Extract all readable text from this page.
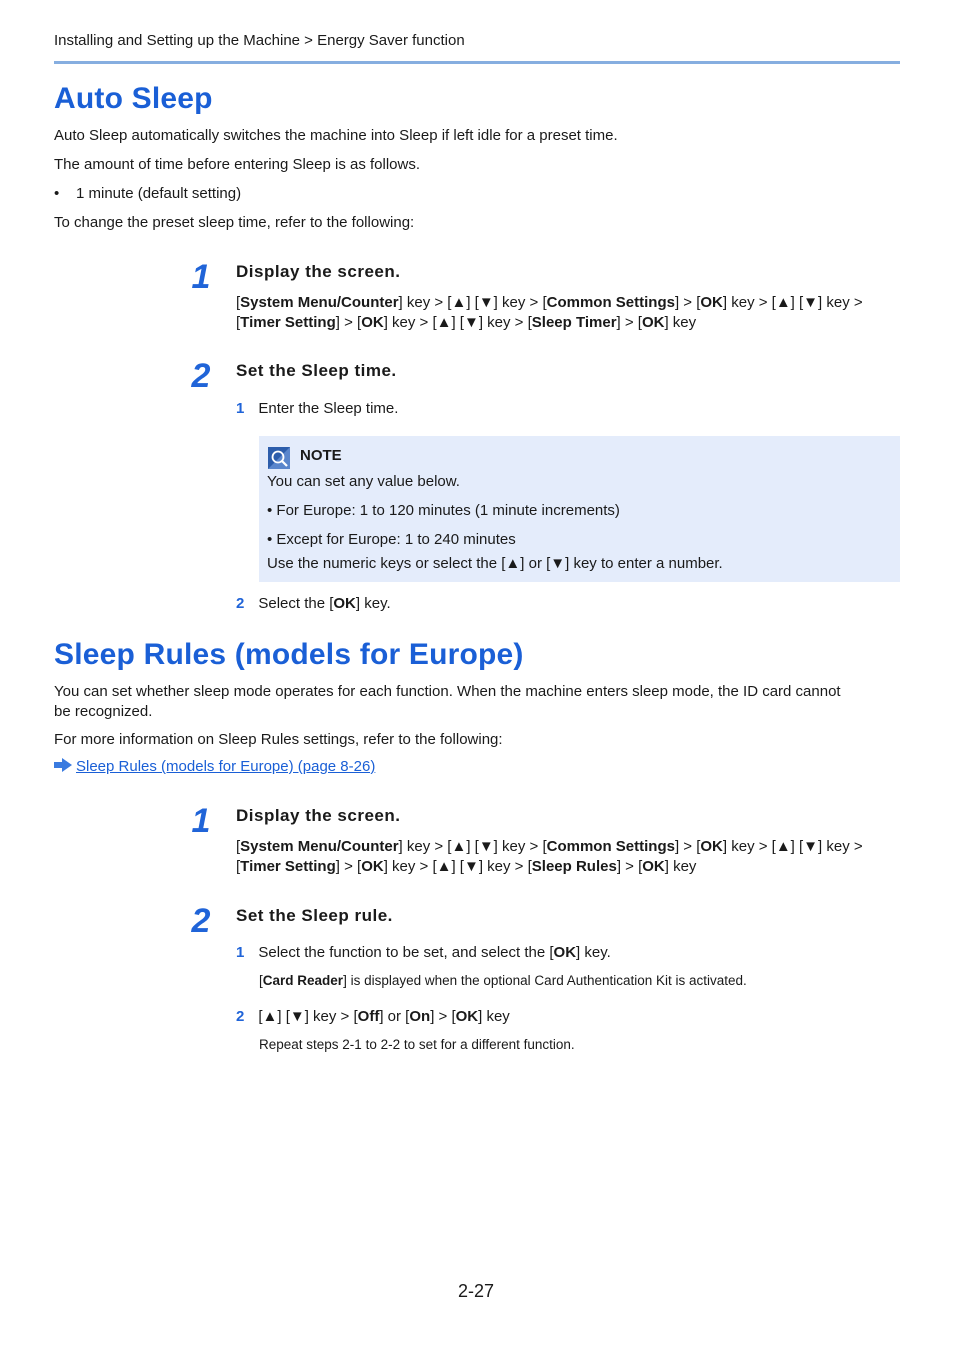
Installing and Setting up the Machine > Energy Saver function
Auto Sleep
Auto Sleep automatically switches the machine into Sleep if left idle for a preset time.
The amount of time before entering Sleep is as follows.
• 1 minute (default setting)
To change the preset sleep time, refer to the following:
1	Display the screen.
[System Menu/Counter] key > [▲] [▼] key > [Common Settings] > [OK] key > [▲] [▼] key >
[Timer Setting] > [OK] key > [▲] [▼] key > [Sleep Timer] > [OK] key
2	Set the Sleep time.
1 Enter the Sleep time.
NOTE
You can set any value below.
• For Europe: 1 to 120 minutes (1 minute increments)
• Except for Europe: 1 to 240 minutes
Use the numeric keys or select the [▲] or [▼] key to enter a number.
2 Select the [OK] key.
Sleep Rules (models for Europe)
You can set whether sleep mode operates for each function. When the machine enters sleep mode, the ID card cannot
be recognized.
For more information on Sleep Rules settings, refer to the following:
Sleep Rules (models for Europe) (page 8-26)
1	Display the screen.
[System Menu/Counter] key > [▲] [▼] key > [Common Settings] > [OK] key > [▲] [▼] key >
[Timer Setting] > [OK] key > [▲] [▼] key > [Sleep Rules] > [OK] key
2	Set the Sleep rule.
1 Select the function to be set, and select the [OK] key.
[Card Reader] is displayed when the optional Card Authentication Kit is activated.
2 [▲] [▼] key > [Off] or [On] > [OK] key
Repeat steps 2-1 to 2-2 to set for a different function.
2-27
